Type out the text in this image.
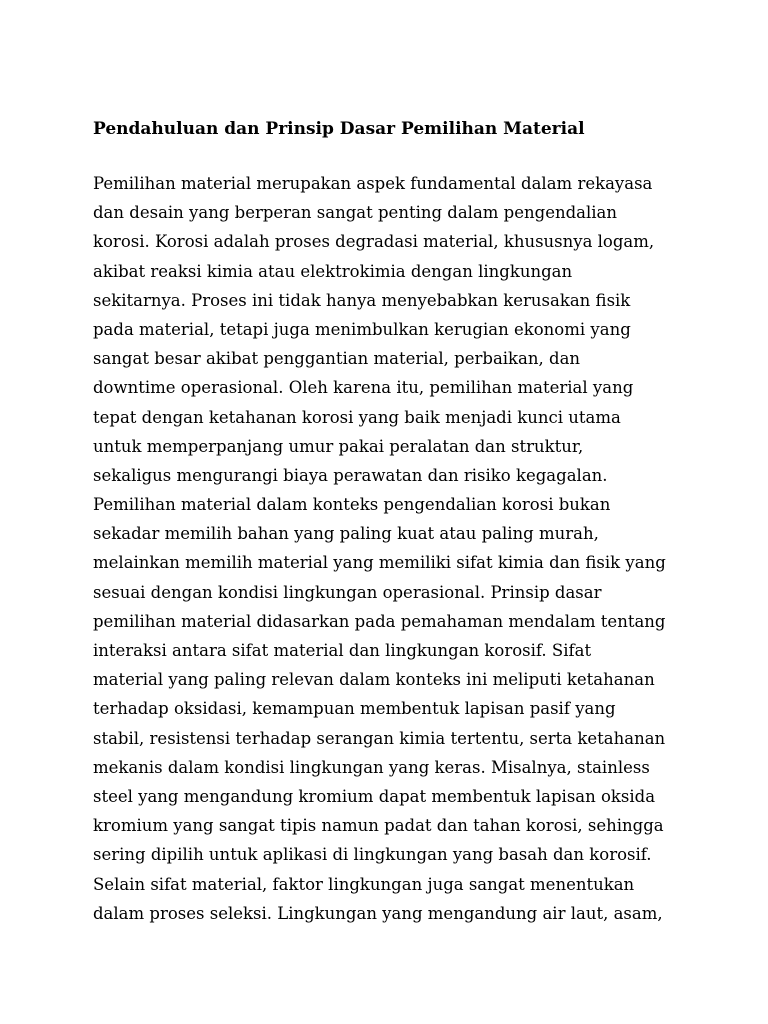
Pendahuluan dan Prinsip Dasar Pemilihan Material
Pemilihan material merupakan aspek fundamental dalam rekayasa
dan desain yang berperan sangat penting dalam pengendalian
korosi. Korosi adalah proses degradasi material, khususnya logam,
akibat reaksi kimia atau elektrokimia dengan lingkungan
sekitarnya. Proses ini tidak hanya menyebabkan kerusakan fisik
pada material, tetapi juga menimbulkan kerugian ekonomi yang
sangat besar akibat penggantian material, perbaikan, dan
downtime operasional. Oleh karena itu, pemilihan material yang
tepat dengan ketahanan korosi yang baik menjadi kunci utama
untuk memperpanjang umur pakai peralatan dan struktur,
sekaligus mengurangi biaya perawatan dan risiko kegagalan.
Pemilihan material dalam konteks pengendalian korosi bukan
sekadar memilih bahan yang paling kuat atau paling murah,
melainkan memilih material yang memiliki sifat kimia dan fisik yang
sesuai dengan kondisi lingkungan operasional. Prinsip dasar
pemilihan material didasarkan pada pemahaman mendalam tentang
interaksi antara sifat material dan lingkungan korosif. Sifat
material yang paling relevan dalam konteks ini meliputi ketahanan
terhadap oksidasi, kemampuan membentuk lapisan pasif yang
stabil, resistensi terhadap serangan kimia tertentu, serta ketahanan
mekanis dalam kondisi lingkungan yang keras. Misalnya, stainless
steel yang mengandung kromium dapat membentuk lapisan oksida
kromium yang sangat tipis namun padat dan tahan korosi, sehingga
sering dipilih untuk aplikasi di lingkungan yang basah dan korosif.
Selain sifat material, faktor lingkungan juga sangat menentukan
dalam proses seleksi. Lingkungan yang mengandung air laut, asam,
